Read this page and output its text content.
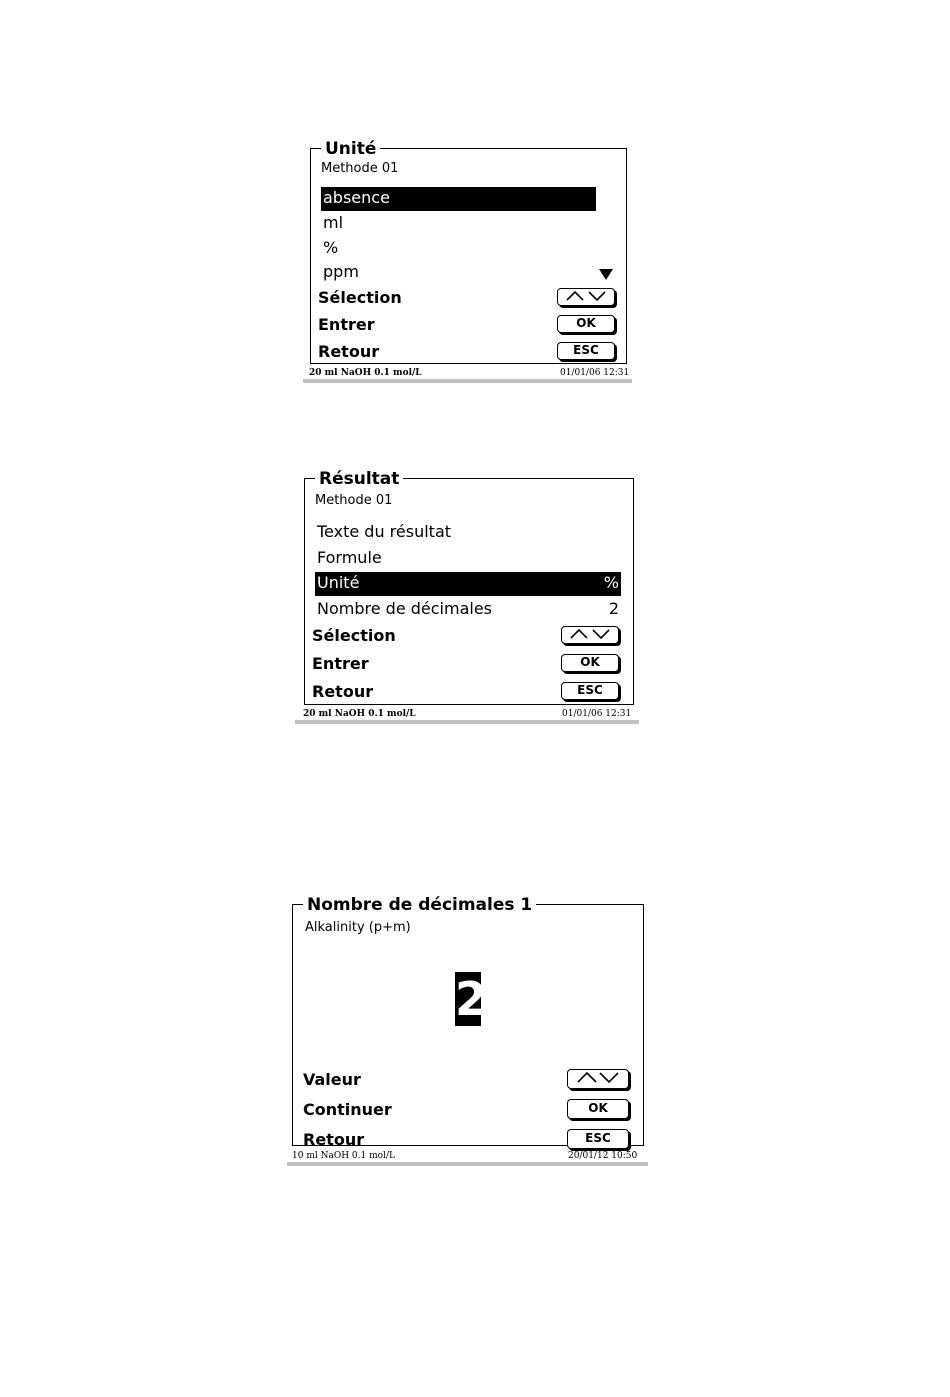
Unité
Methode 01
absence
ml
%
ppm
Sélection
Entrer	OK
Retour	ESC
20 ml NaOH 0.1 mol/L	01/01/06 12:31
Résultat
Methode 01
Texte du résultat
Formule
Unité	%
Nombre de décimales	2
Sélection
Entrer	OK
Retour	ESC
20 ml NaOH 0.1 mol/L	01/01/06 12:31
Nombre de décimales 1
Alkalinity (p+m)
2
Valeur
Continuer	OK
Retour	ESC
10 ml NaOH 0.1 mol/L	20/01/12 10:50
